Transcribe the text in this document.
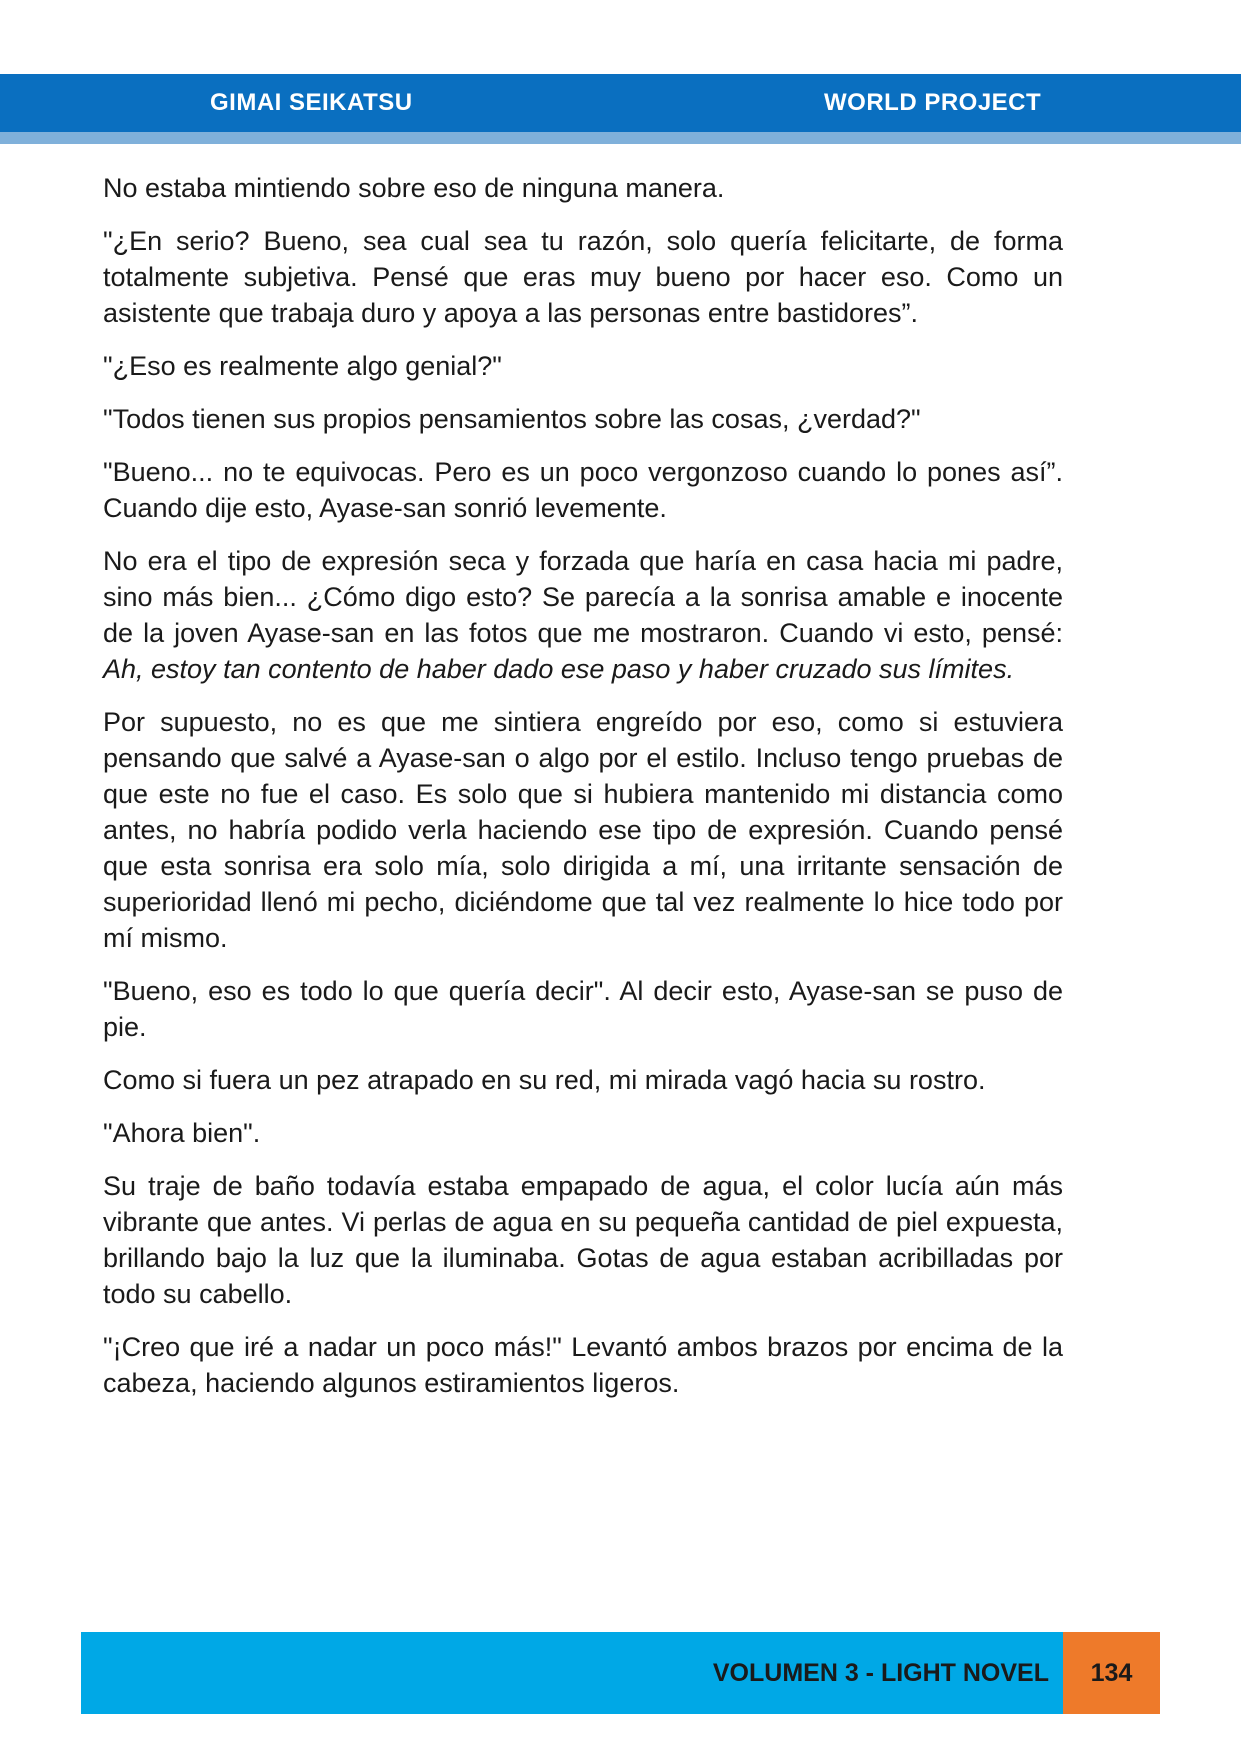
GIMAI SEIKATSU	WORLD PROJECT

No estaba mintiendo sobre eso de ninguna manera.

"¿En serio? Bueno, sea cual sea tu razón, solo quería felicitarte, de forma totalmente subjetiva. Pensé que eras muy bueno por hacer eso. Como un asistente que trabaja duro y apoya a las personas entre bastidores”.

"¿Eso es realmente algo genial?"

"Todos tienen sus propios pensamientos sobre las cosas, ¿verdad?"

"Bueno... no te equivocas. Pero es un poco vergonzoso cuando lo pones así”. Cuando dije esto, Ayase-san sonrió levemente.

No era el tipo de expresión seca y forzada que haría en casa hacia mi padre, sino más bien... ¿Cómo digo esto? Se parecía a la sonrisa amable e inocente de la joven Ayase-san en las fotos que me mostraron. Cuando vi esto, pensé: Ah, estoy tan contento de haber dado ese paso y haber cruzado sus límites.

Por supuesto, no es que me sintiera engreído por eso, como si estuviera pensando que salvé a Ayase-san o algo por el estilo. Incluso tengo pruebas de que este no fue el caso. Es solo que si hubiera mantenido mi distancia como antes, no habría podido verla haciendo ese tipo de expresión. Cuando pensé que esta sonrisa era solo mía, solo dirigida a mí, una irritante sensación de superioridad llenó mi pecho, diciéndome que tal vez realmente lo hice todo por mí mismo.

"Bueno, eso es todo lo que quería decir". Al decir esto, Ayase-san se puso de pie.

Como si fuera un pez atrapado en su red, mi mirada vagó hacia su rostro.

"Ahora bien".

Su traje de baño todavía estaba empapado de agua, el color lucía aún más vibrante que antes. Vi perlas de agua en su pequeña cantidad de piel expuesta, brillando bajo la luz que la iluminaba. Gotas de agua estaban acribilladas por todo su cabello.

"¡Creo que iré a nadar un poco más!" Levantó ambos brazos por encima de la cabeza, haciendo algunos estiramientos ligeros.

VOLUMEN 3 - LIGHT NOVEL	134
